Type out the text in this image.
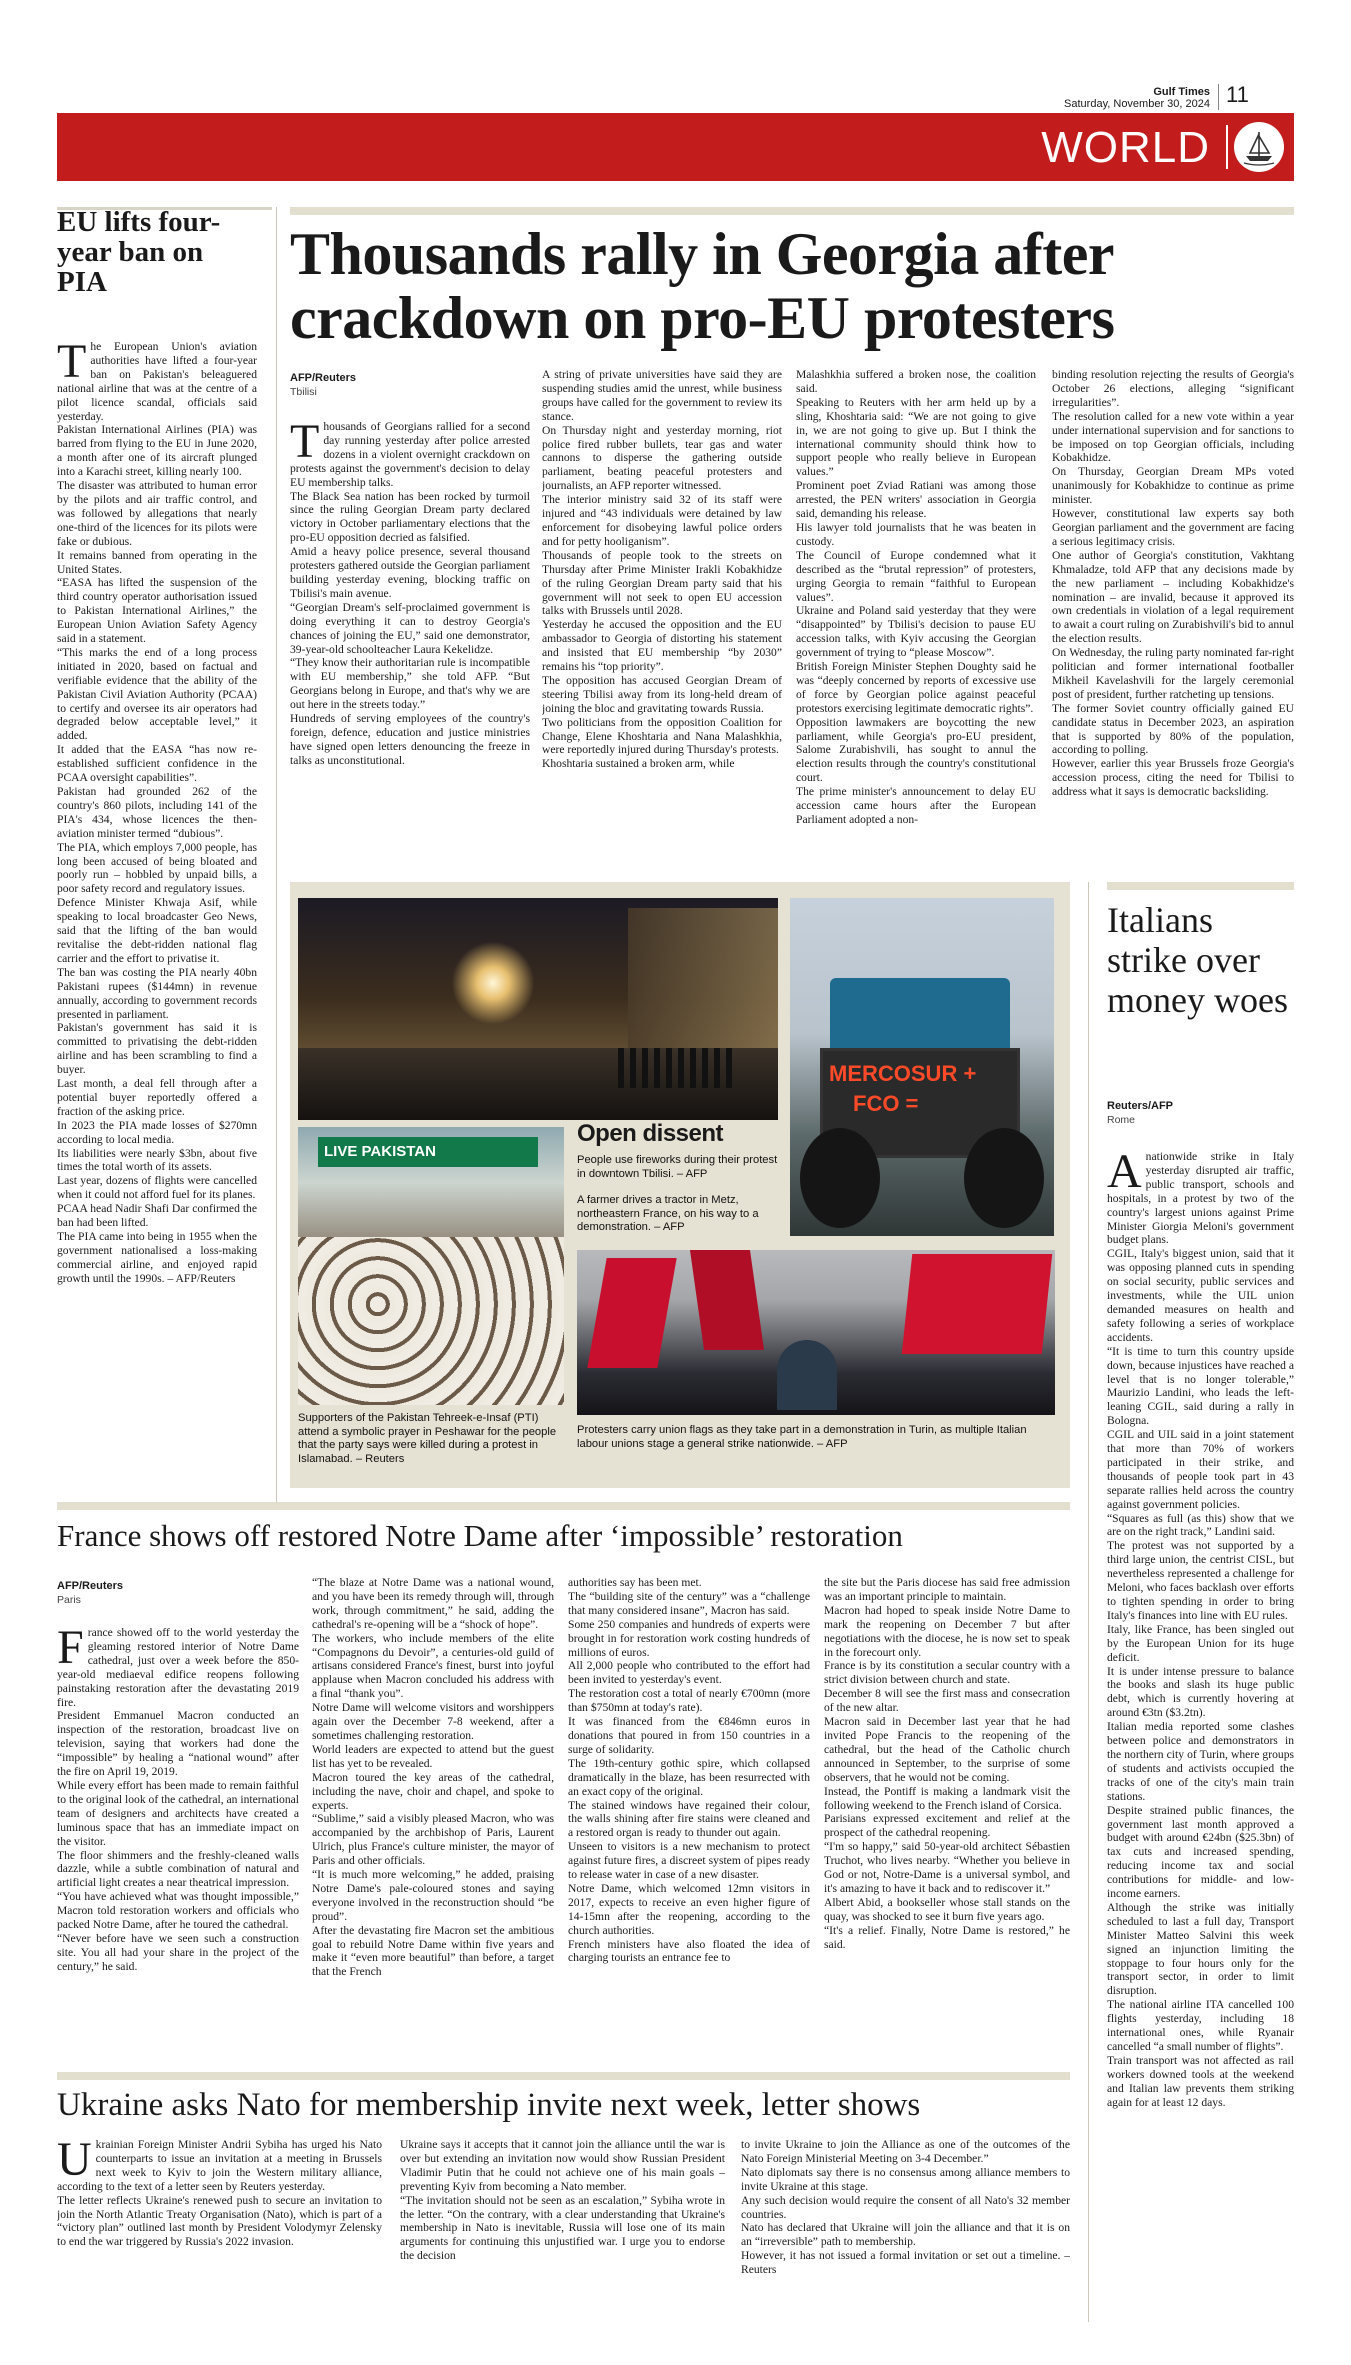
Gulf Times
Saturday, November 30, 2024 11
WORLD
EU lifts four-year ban on PIA

The European Union's aviation authorities have lifted a four-year ban on Pakistan's beleaguered national airline that was at the centre of a pilot licence scandal, officials said yesterday.

Pakistan International Airlines (PIA) was barred from flying to the EU in June 2020, a month after one of its aircraft plunged into a Karachi street, killing nearly 100.

The disaster was attributed to human error by the pilots and air traffic control, and was followed by allegations that nearly one-third of the licences for its pilots were fake or dubious.

It remains banned from operating in the United States.

“EASA has lifted the suspension of the third country operator authorisation issued to Pakistan International Airlines,” the European Union Aviation Safety Agency said in a statement.

“This marks the end of a long process initiated in 2020, based on factual and verifiable evidence that the ability of the Pakistan Civil Aviation Authority (PCAA) to certify and oversee its air operators had degraded below acceptable level,” it added.

It added that the EASA “has now re-established sufficient confidence in the PCAA oversight capabilities”.

Pakistan had grounded 262 of the country's 860 pilots, including 141 of the PIA's 434, whose licences the then-aviation minister termed “dubious”.

The PIA, which employs 7,000 people, has long been accused of being bloated and poorly run – hobbled by unpaid bills, a poor safety record and regulatory issues.

Defence Minister Khwaja Asif, while speaking to local broadcaster Geo News, said that the lifting of the ban would revitalise the debt-ridden national flag carrier and the effort to privatise it.

The ban was costing the PIA nearly 40bn Pakistani rupees ($144mn) in revenue annually, according to government records presented in parliament.

Pakistan's government has said it is committed to privatising the debt-ridden airline and has been scrambling to find a buyer.

Last month, a deal fell through after a potential buyer reportedly offered a fraction of the asking price.

In 2023 the PIA made losses of $270mn according to local media.

Its liabilities were nearly $3bn, about five times the total worth of its assets.

Last year, dozens of flights were cancelled when it could not afford fuel for its planes.

PCAA head Nadir Shafi Dar confirmed the ban had been lifted.

The PIA came into being in 1955 when the government nationalised a loss-making commercial airline, and enjoyed rapid growth until the 1990s. – AFP/Reuters

Thousands rally in Georgia after crackdown on pro-EU protesters
AFP/Reuters
Tbilisi

Thousands of Georgians rallied for a second day running yesterday after police arrested dozens in a violent overnight crackdown on protests against the government's decision to delay EU membership talks.

The Black Sea nation has been rocked by turmoil since the ruling Georgian Dream party declared victory in October parliamentary elections that the pro-EU opposition decried as falsified.

Amid a heavy police presence, several thousand protesters gathered outside the Georgian parliament building yesterday evening, blocking traffic on Tbilisi's main avenue.

“Georgian Dream's self-proclaimed government is doing everything it can to destroy Georgia's chances of joining the EU,” said one demonstrator, 39-year-old schoolteacher Laura Kekelidze.

“They know their authoritarian rule is incompatible with EU membership,” she told AFP. “But Georgians belong in Europe, and that's why we are out here in the streets today.”

Hundreds of serving employees of the country's foreign, defence, education and justice ministries have signed open letters denouncing the freeze in talks as unconstitutional.

A string of private universities have said they are suspending studies amid the unrest, while business groups have called for the government to review its stance.

On Thursday night and yesterday morning, riot police fired rubber bullets, tear gas and water cannons to disperse the gathering outside parliament, beating peaceful protesters and journalists, an AFP reporter witnessed.

The interior ministry said 32 of its staff were injured and “43 individuals were detained by law enforcement for disobeying lawful police orders and for petty hooliganism”.

Thousands of people took to the streets on Thursday after Prime Minister Irakli Kobakhidze of the ruling Georgian Dream party said that his government will not seek to open EU accession talks with Brussels until 2028.

Yesterday he accused the opposition and the EU ambassador to Georgia of distorting his statement and insisted that EU membership “by 2030” remains his “top priority”.

The opposition has accused Georgian Dream of steering Tbilisi away from its long-held dream of joining the bloc and gravitating towards Russia.

Two politicians from the opposition Coalition for Change, Elene Khoshtaria and Nana Malashkhia, were reportedly injured during Thursday's protests.

Khoshtaria sustained a broken arm, while

Malashkhia suffered a broken nose, the coalition said.

Speaking to Reuters with her arm held up by a sling, Khoshtaria said: “We are not going to give in, we are not going to give up. But I think the international community should think how to support people who really believe in European values.”

Prominent poet Zviad Ratiani was among those arrested, the PEN writers' association in Georgia said, demanding his release.

His lawyer told journalists that he was beaten in custody.

The Council of Europe condemned what it described as the “brutal repression” of protesters, urging Georgia to remain “faithful to European values”.

Ukraine and Poland said yesterday that they were “disappointed” by Tbilisi's decision to pause EU accession talks, with Kyiv accusing the Georgian government of trying to “please Moscow”.

British Foreign Minister Stephen Doughty said he was “deeply concerned by reports of excessive use of force by Georgian police against peaceful protestors exercising legitimate democratic rights”.

Opposition lawmakers are boycotting the new parliament, while Georgia's pro-EU president, Salome Zurabishvili, has sought to annul the election results through the country's constitutional court.

The prime minister's announcement to delay EU accession came hours after the European Parliament adopted a non-

binding resolution rejecting the results of Georgia's October 26 elections, alleging “significant irregularities”.

The resolution called for a new vote within a year under international supervision and for sanctions to be imposed on top Georgian officials, including Kobakhidze.

On Thursday, Georgian Dream MPs voted unanimously for Kobakhidze to continue as prime minister.

However, constitutional law experts say both Georgian parliament and the government are facing a serious legitimacy crisis.

One author of Georgia's constitution, Vakhtang Khmaladze, told AFP that any decisions made by the new parliament – including Kobakhidze's nomination – are invalid, because it approved its own credentials in violation of a legal requirement to await a court ruling on Zurabishvili's bid to annul the election results.

On Wednesday, the ruling party nominated far-right politician and former international footballer Mikheil Kavelashvili for the largely ceremonial post of president, further ratcheting up tensions.

The former Soviet country officially gained EU candidate status in December 2023, an aspiration that is supported by 80% of the population, according to polling.

However, earlier this year Brussels froze Georgia's accession process, citing the need for Tbilisi to address what it says is democratic backsliding.

MERCOSUR +
FCO =
LIVE PAKISTAN
Open dissent
People use fireworks during their protest in downtown Tbilisi. – AFP
A farmer drives a tractor in Metz, northeastern France, on his way to a demonstration. – AFP
Supporters of the Pakistan Tehreek-e-Insaf (PTI) attend a symbolic prayer in Peshawar for the people that the party says were killed during a protest in Islamabad. – Reuters
Protesters carry union flags as they take part in a demonstration in Turin, as multiple Italian labour unions stage a general strike nationwide. – AFP
Italians strike over money woes
Reuters/AFP
Rome

Anationwide strike in Italy yesterday disrupted air traffic, public transport, schools and hospitals, in a protest by two of the country's largest unions against Prime Minister Giorgia Meloni's government budget plans.

CGIL, Italy's biggest union, said that it was opposing planned cuts in spending on social security, public services and investments, while the UIL union demanded measures on health and safety following a series of workplace accidents.

“It is time to turn this country upside down, because injustices have reached a level that is no longer tolerable,” Maurizio Landini, who leads the left-leaning CGIL, said during a rally in Bologna.

CGIL and UIL said in a joint statement that more than 70% of workers participated in their strike, and thousands of people took part in 43 separate rallies held across the country against government policies.

“Squares as full (as this) show that we are on the right track,” Landini said.

The protest was not supported by a third large union, the centrist CISL, but nevertheless represented a challenge for Meloni, who faces backlash over efforts to tighten spending in order to bring Italy's finances into line with EU rules.

Italy, like France, has been singled out by the European Union for its huge deficit.

It is under intense pressure to balance the books and slash its huge public debt, which is currently hovering at around €3tn ($3.2tn).

Italian media reported some clashes between police and demonstrators in the northern city of Turin, where groups of students and activists occupied the tracks of one of the city's main train stations.

Despite strained public finances, the government last month approved a budget with around €24bn ($25.3bn) of tax cuts and increased spending, reducing income tax and social contributions for middle- and low-income earners.

Although the strike was initially scheduled to last a full day, Transport Minister Matteo Salvini this week signed an injunction limiting the stoppage to four hours only for the transport sector, in order to limit disruption.

The national airline ITA cancelled 100 flights yesterday, including 18 international ones, while Ryanair cancelled “a small number of flights”.

Train transport was not affected as rail workers downed tools at the weekend and Italian law prevents them striking again for at least 12 days.

France shows off restored Notre Dame after ‘impossible’ restoration
AFP/Reuters
Paris

France showed off to the world yesterday the gleaming restored interior of Notre Dame cathedral, just over a week before the 850-year-old mediaeval edifice reopens following painstaking restoration after the devastating 2019 fire.

President Emmanuel Macron conducted an inspection of the restoration, broadcast live on television, saying that workers had done the “impossible” by healing a “national wound” after the fire on April 19, 2019.

While every effort has been made to remain faithful to the original look of the cathedral, an international team of designers and architects have created a luminous space that has an immediate impact on the visitor.

The floor shimmers and the freshly-cleaned walls dazzle, while a subtle combination of natural and artificial light creates a near theatrical impression.

“You have achieved what was thought impossible,” Macron told restoration workers and officials who packed Notre Dame, after he toured the cathedral.

“Never before have we seen such a construction site. You all had your share in the project of the century,” he said.

“The blaze at Notre Dame was a national wound, and you have been its remedy through will, through work, through commitment,” he said, adding the cathedral's re-opening will be a “shock of hope”.

The workers, who include members of the elite “Compagnons du Devoir”, a centuries-old guild of artisans considered France's finest, burst into joyful applause when Macron concluded his address with a final “thank you”.

Notre Dame will welcome visitors and worshippers again over the December 7-8 weekend, after a sometimes challenging restoration.

World leaders are expected to attend but the guest list has yet to be revealed.

Macron toured the key areas of the cathedral, including the nave, choir and chapel, and spoke to experts.

“Sublime,” said a visibly pleased Macron, who was accompanied by the archbishop of Paris, Laurent Ulrich, plus France's culture minister, the mayor of Paris and other officials.

“It is much more welcoming,” he added, praising Notre Dame's pale-coloured stones and saying everyone involved in the reconstruction should “be proud”.

After the devastating fire Macron set the ambitious goal to rebuild Notre Dame within five years and make it “even more beautiful” than before, a target that the French

authorities say has been met.

The “building site of the century” was a “challenge that many considered insane”, Macron has said.

Some 250 companies and hundreds of experts were brought in for restoration work costing hundreds of millions of euros.

All 2,000 people who contributed to the effort had been invited to yesterday's event.

The restoration cost a total of nearly €700mn (more than $750mn at today's rate).

It was financed from the €846mn euros in donations that poured in from 150 countries in a surge of solidarity.

The 19th-century gothic spire, which collapsed dramatically in the blaze, has been resurrected with an exact copy of the original.

The stained windows have regained their colour, the walls shining after fire stains were cleaned and a restored organ is ready to thunder out again.

Unseen to visitors is a new mechanism to protect against future fires, a discreet system of pipes ready to release water in case of a new disaster.

Notre Dame, which welcomed 12mn visitors in 2017, expects to receive an even higher figure of 14-15mn after the reopening, according to the church authorities.

French ministers have also floated the idea of charging tourists an entrance fee to

the site but the Paris diocese has said free admission was an important principle to maintain.

Macron had hoped to speak inside Notre Dame to mark the reopening on December 7 but after negotiations with the diocese, he is now set to speak in the forecourt only.

France is by its constitution a secular country with a strict division between church and state.

December 8 will see the first mass and consecration of the new altar.

Macron said in December last year that he had invited Pope Francis to the reopening of the cathedral, but the head of the Catholic church announced in September, to the surprise of some observers, that he would not be coming.

Instead, the Pontiff is making a landmark visit the following weekend to the French island of Corsica.

Parisians expressed excitement and relief at the prospect of the cathedral reopening.

“I'm so happy,” said 50-year-old architect Sébastien Truchot, who lives nearby. “Whether you believe in God or not, Notre-Dame is a universal symbol, and it's amazing to have it back and to rediscover it.”

Albert Abid, a bookseller whose stall stands on the quay, was shocked to see it burn five years ago.

“It's a relief. Finally, Notre Dame is restored,” he said.

Ukraine asks Nato for membership invite next week, letter shows

Ukrainian Foreign Minister Andrii Sybiha has urged his Nato counterparts to issue an invitation at a meeting in Brussels next week to Kyiv to join the Western military alliance, according to the text of a letter seen by Reuters yesterday.

The letter reflects Ukraine's renewed push to secure an invitation to join the North Atlantic Treaty Organisation (Nato), which is part of a “victory plan” outlined last month by President Volodymyr Zelensky to end the war triggered by Russia's 2022 invasion.

Ukraine says it accepts that it cannot join the alliance until the war is over but extending an invitation now would show Russian President Vladimir Putin that he could not achieve one of his main goals – preventing Kyiv from becoming a Nato member.

“The invitation should not be seen as an escalation,” Sybiha wrote in the letter. “On the contrary, with a clear understanding that Ukraine's membership in Nato is inevitable, Russia will lose one of its main arguments for continuing this unjustified war. I urge you to endorse the decision

to invite Ukraine to join the Alliance as one of the outcomes of the Nato Foreign Ministerial Meeting on 3-4 December.”

Nato diplomats say there is no consensus among alliance members to invite Ukraine at this stage.

Any such decision would require the consent of all Nato's 32 member countries.

Nato has declared that Ukraine will join the alliance and that it is on an “irreversible” path to membership.

However, it has not issued a formal invitation or set out a timeline. – Reuters
